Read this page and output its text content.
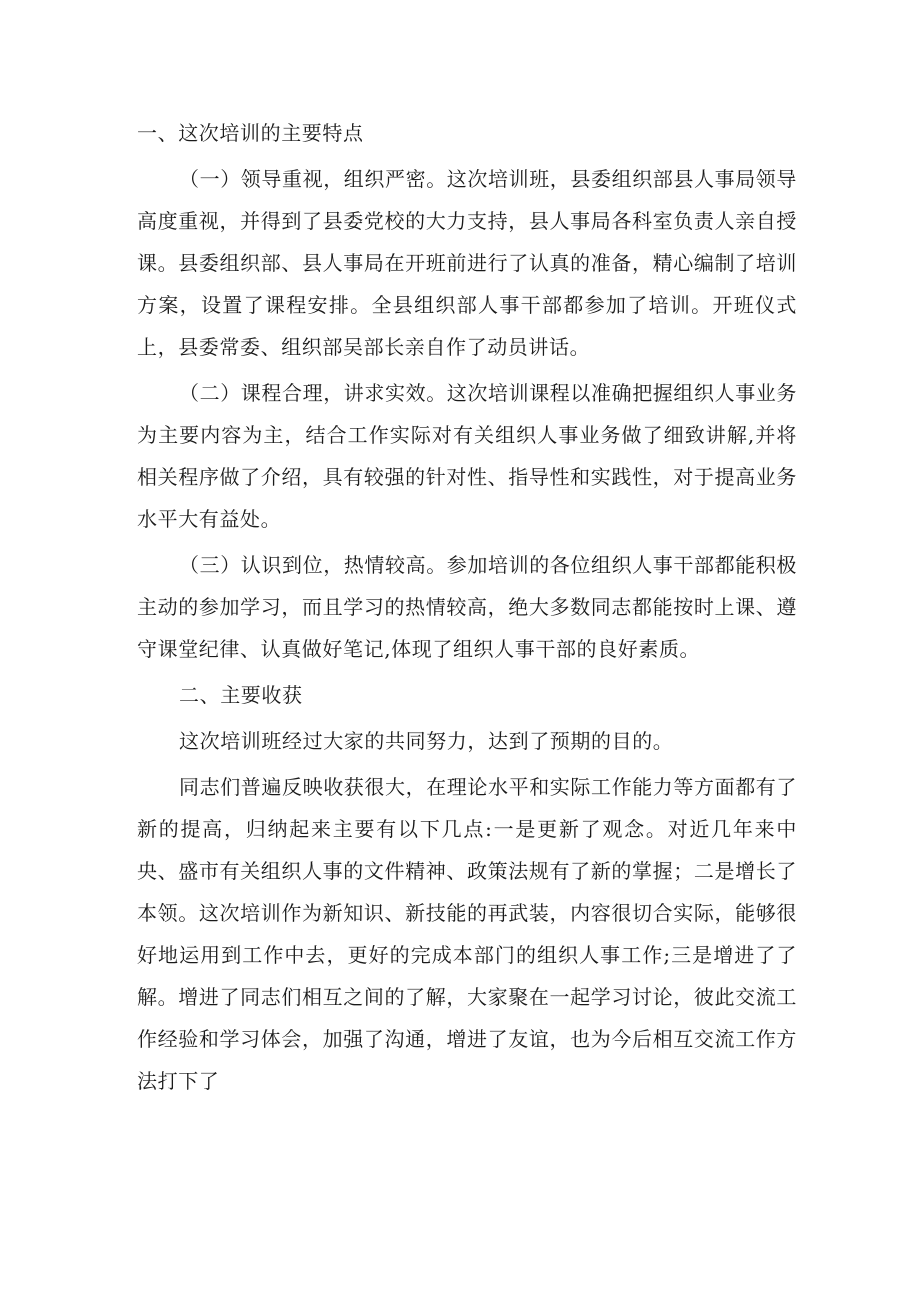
一、这次培训的主要特点

（一）领导重视，组织严密。这次培训班，县委组织部县人事局领导高度重视，并得到了县委党校的大力支持，县人事局各科室负责人亲自授课。县委组织部、县人事局在开班前进行了认真的准备，精心编制了培训方案，设置了课程安排。全县组织部人事干部都参加了培训。开班仪式上，县委常委、组织部吴部长亲自作了动员讲话。

（二）课程合理，讲求实效。这次培训课程以准确把握组织人事业务为主要内容为主，结合工作实际对有关组织人事业务做了细致讲解,并将相关程序做了介绍，具有较强的针对性、指导性和实践性，对于提高业务水平大有益处。

（三）认识到位，热情较高。参加培训的各位组织人事干部都能积极主动的参加学习，而且学习的热情较高，绝大多数同志都能按时上课、遵守课堂纪律、认真做好笔记,体现了组织人事干部的良好素质。

二、主要收获

这次培训班经过大家的共同努力，达到了预期的目的。

同志们普遍反映收获很大，在理论水平和实际工作能力等方面都有了新的提高，归纳起来主要有以下几点:一是更新了观念。对近几年来中央、盛市有关组织人事的文件精神、政策法规有了新的掌握；二是增长了本领。这次培训作为新知识、新技能的再武装，内容很切合实际，能够很好地运用到工作中去，更好的完成本部门的组织人事工作;三是增进了了解。增进了同志们相互之间的了解，大家聚在一起学习讨论，彼此交流工作经验和学习体会，加强了沟通，增进了友谊，也为今后相互交流工作方法打下了
